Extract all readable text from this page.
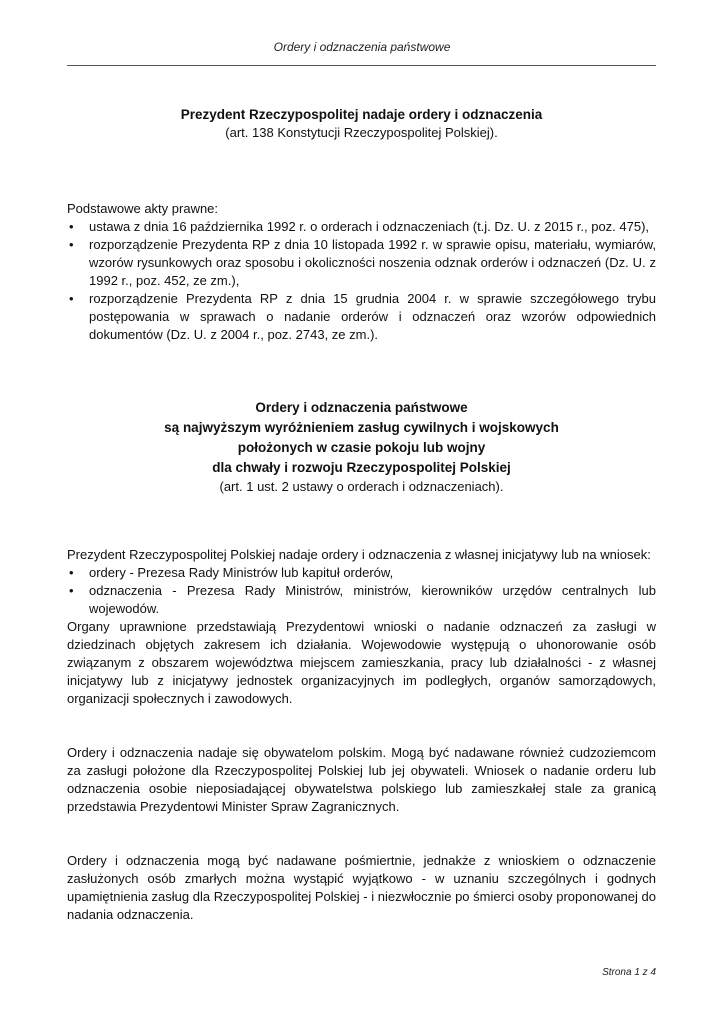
Ordery i odznaczenia państwowe

Prezydent Rzeczypospolitej nadaje ordery i odznaczenia

(art. 138 Konstytucji Rzeczypospolitej Polskiej).

Podstawowe akty prawne:

• ustawa z dnia 16 października 1992 r. o orderach i odznaczeniach (t.j. Dz. U. z 2015 r., poz. 475),
• rozporządzenie Prezydenta RP z dnia 10 listopada 1992 r. w sprawie opisu, materiału, wymiarów, wzorów rysunkowych oraz sposobu i okoliczności noszenia odznak orderów i odznaczeń (Dz. U. z 1992 r., poz. 452, ze zm.),
• rozporządzenie Prezydenta RP z dnia 15 grudnia 2004 r. w sprawie szczegółowego trybu postępowania w sprawach o nadanie orderów i odznaczeń oraz wzorów odpowiednich dokumentów (Dz. U. z 2004 r., poz. 2743, ze zm.).

Ordery i odznaczenia państwowe

są najwyższym wyróżnieniem zasług cywilnych i wojskowych

położonych w czasie pokoju lub wojny

dla chwały i rozwoju Rzeczypospolitej Polskiej

(art. 1 ust. 2 ustawy o orderach i odznaczeniach).

Prezydent Rzeczypospolitej Polskiej nadaje ordery i odznaczenia z własnej inicjatywy lub na wniosek:

• ordery - Prezesa Rady Ministrów lub kapituł orderów,
• odznaczenia - Prezesa Rady Ministrów, ministrów, kierowników urzędów centralnych lub wojewodów.

Organy uprawnione przedstawiają Prezydentowi wnioski o nadanie odznaczeń za zasługi w dziedzinach objętych zakresem ich działania. Wojewodowie występują o uhonorowanie osób związanym z obszarem województwa miejscem zamieszkania, pracy lub działalności - z własnej inicjatywy lub z inicjatywy jednostek organizacyjnych im podległych, organów samorządowych, organizacji społecznych i zawodowych.

Ordery i odznaczenia nadaje się obywatelom polskim. Mogą być nadawane również cudzoziemcom za zasługi położone dla Rzeczypospolitej Polskiej lub jej obywateli. Wniosek o nadanie orderu lub odznaczenia osobie nieposiadającej obywatelstwa polskiego lub zamieszkałej stale za granicą przedstawia Prezydentowi Minister Spraw Zagranicznych.

Ordery i odznaczenia mogą być nadawane pośmiertnie, jednakże z wnioskiem o odznaczenie zasłużonych osób zmarłych można wystąpić wyjątkowo - w uznaniu szczególnych i godnych upamiętnienia zasług dla Rzeczypospolitej Polskiej - i niezwłocznie po śmierci osoby proponowanej do nadania odznaczenia.

Strona 1 z 4
